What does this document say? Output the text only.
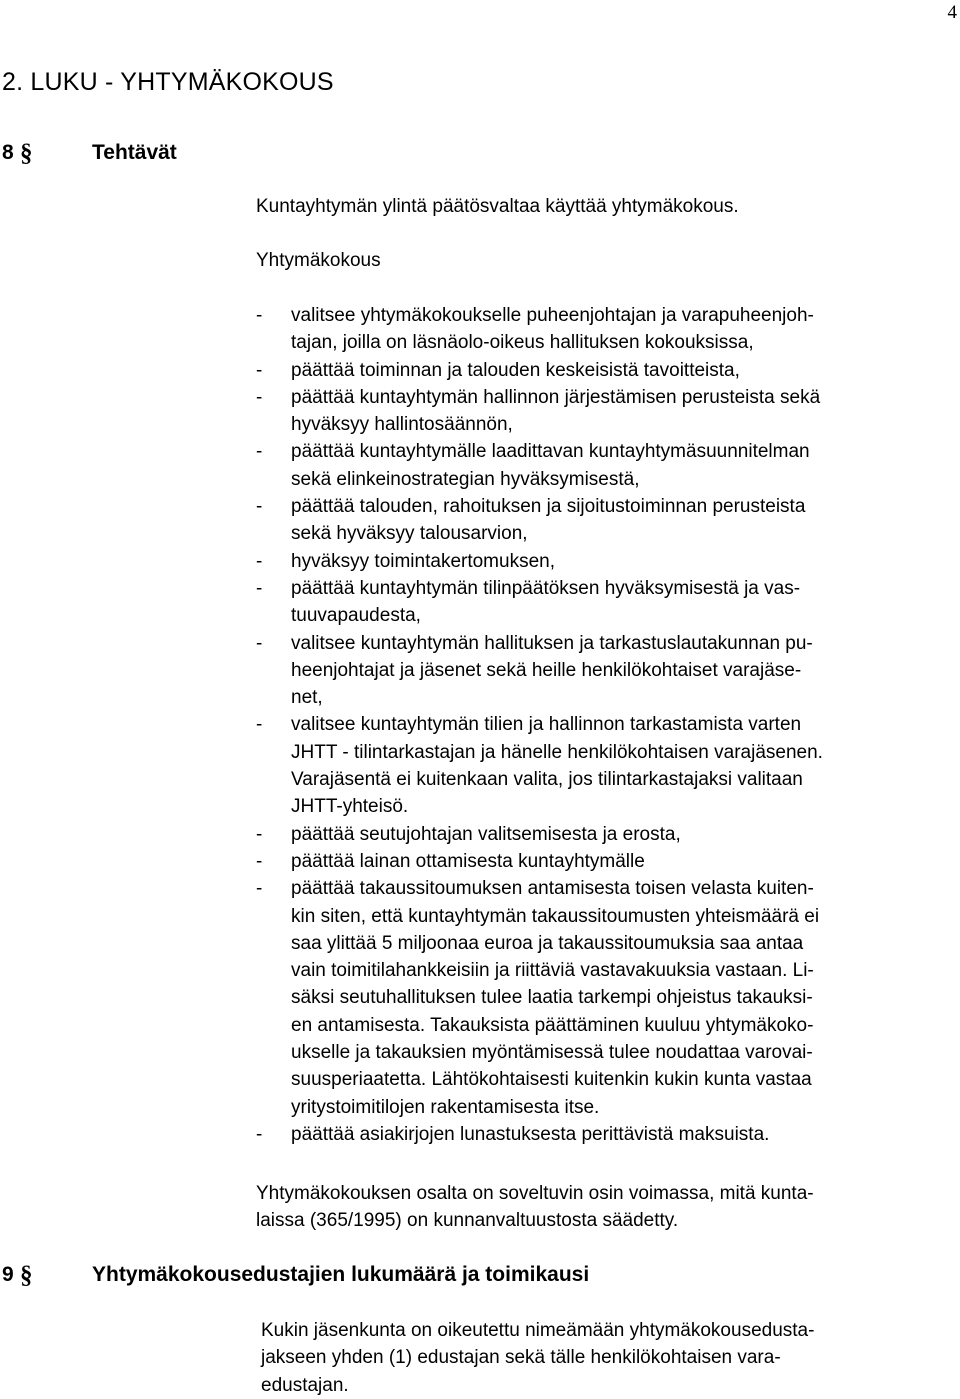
4
2. LUKU - YHTYMÄKOKOUS
8 §	Tehtävät
Kuntayhtymän ylintä päätösvaltaa käyttää yhtymäkokous.
Yhtymäkokous
- valitsee yhtymäkokoukselle puheenjohtajan ja varapuheenjoh-
tajan, joilla on läsnäolo-oikeus hallituksen kokouksissa,
- päättää toiminnan ja talouden keskeisistä tavoitteista,
- päättää kuntayhtymän hallinnon järjestämisen perusteista sekä
hyväksyy hallintosäännön,
- päättää kuntayhtymälle laadittavan kuntayhtymäsuunnitelman
sekä elinkeinostrategian hyväksymisestä,
- päättää talouden, rahoituksen ja sijoitustoiminnan perusteista
sekä hyväksyy talousarvion,
- hyväksyy toimintakertomuksen,
- päättää kuntayhtymän tilinpäätöksen hyväksymisestä ja vas-
tuuvapaudesta,
- valitsee kuntayhtymän hallituksen ja tarkastuslautakunnan pu-
heenjohtajat ja jäsenet sekä heille henkilökohtaiset varajäse-
net,
- valitsee kuntayhtymän tilien ja hallinnon tarkastamista varten
JHTT - tilintarkastajan ja hänelle henkilökohtaisen varajäsenen.
Varajäsentä ei kuitenkaan valita, jos tilintarkastajaksi valitaan
JHTT-yhteisö.
- päättää seutujohtajan valitsemisesta ja erosta,
- päättää lainan ottamisesta kuntayhtymälle
- päättää takaussitoumuksen antamisesta toisen velasta kuiten-
kin siten, että kuntayhtymän takaussitoumusten yhteismäärä ei
saa ylittää 5 miljoonaa euroa ja takaussitoumuksia saa antaa
vain toimitilahankkeisiin ja riittäviä vastavakuuksia vastaan. Li-
säksi seutuhallituksen tulee laatia tarkempi ohjeistus takauksi-
en antamisesta. Takauksista päättäminen kuuluu yhtymäkoko-
ukselle ja takauksien myöntämisessä tulee noudattaa varovai-
suusperiaatetta. Lähtökohtaisesti kuitenkin kukin kunta vastaa
yritystoimitilojen rakentamisesta itse.
- päättää asiakirjojen lunastuksesta perittävistä maksuista.
Yhtymäkokouksen osalta on soveltuvin osin voimassa, mitä kunta-
laissa (365/1995) on kunnanvaltuustosta säädetty.
9 §	Yhtymäkokousedustajien lukumäärä ja toimikausi
Kukin jäsenkunta on oikeutettu nimeämään yhtymäkokousedusta-
jakseen yhden (1) edustajan sekä tälle henkilökohtaisen vara-
edustajan.
